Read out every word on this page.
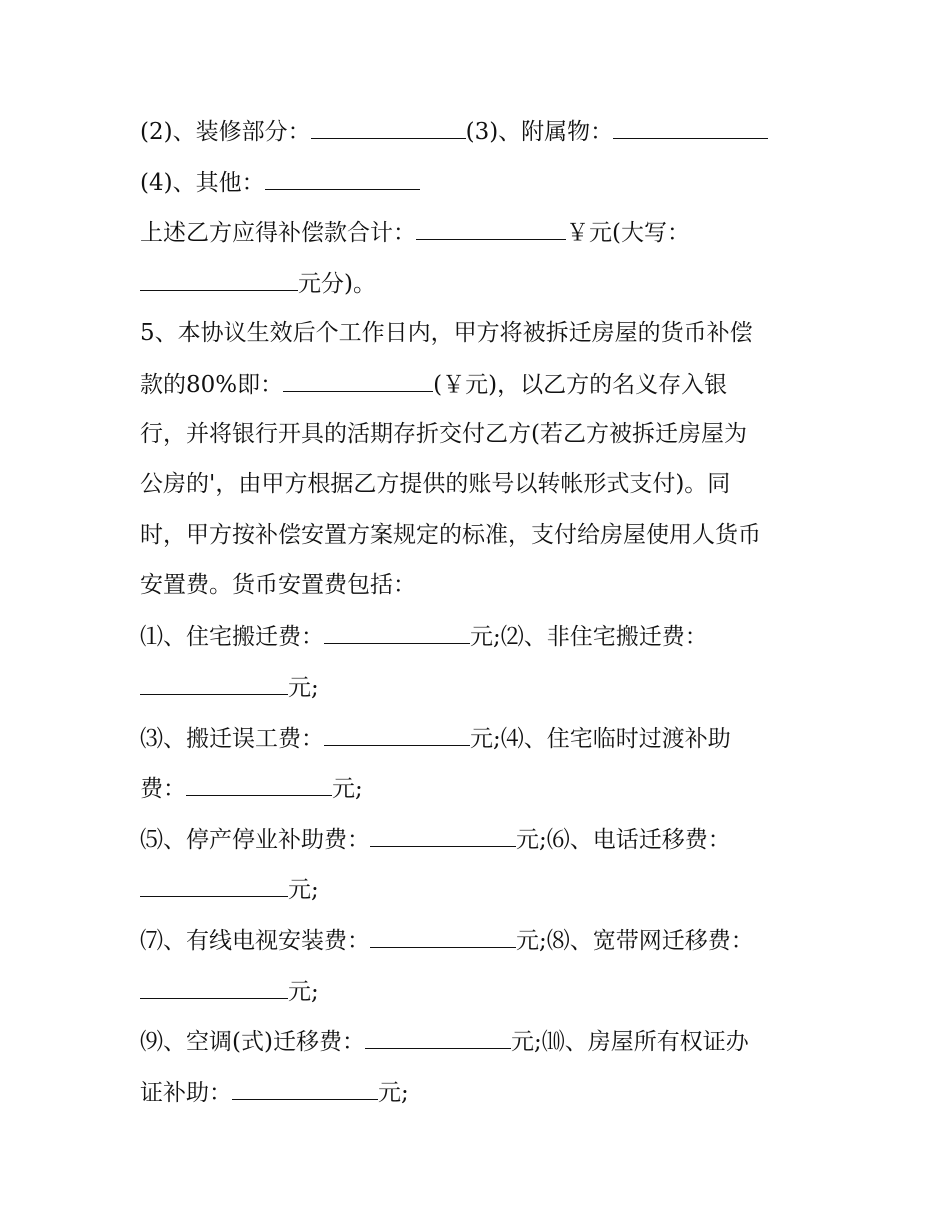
(2)、装修部分：	(3)、附属物：
(4)、其他：
上述乙方应得补偿款合计：	￥元(大写：
元分)。
5、本协议生效后个工作日内，甲方将被拆迁房屋的货币补偿
款的80%即：	(￥元)，以乙方的名义存入银
行，并将银行开具的活期存折交付乙方(若乙方被拆迁房屋为
公房的'，由甲方根据乙方提供的账号以转帐形式支付)。同
时，甲方按补偿安置方案规定的标准，支付给房屋使用人货币
安置费。货币安置费包括：
⑴、住宅搬迁费：	元;⑵、非住宅搬迁费：
元;
⑶、搬迁误工费：	元;⑷、住宅临时过渡补助
费：	元;
⑸、停产停业补助费：	元;⑹、电话迁移费：
元;
⑺、有线电视安装费：	元;⑻、宽带网迁移费：
元;
⑼、空调(式)迁移费：	元;⑽、房屋所有权证办
证补助：	元;
